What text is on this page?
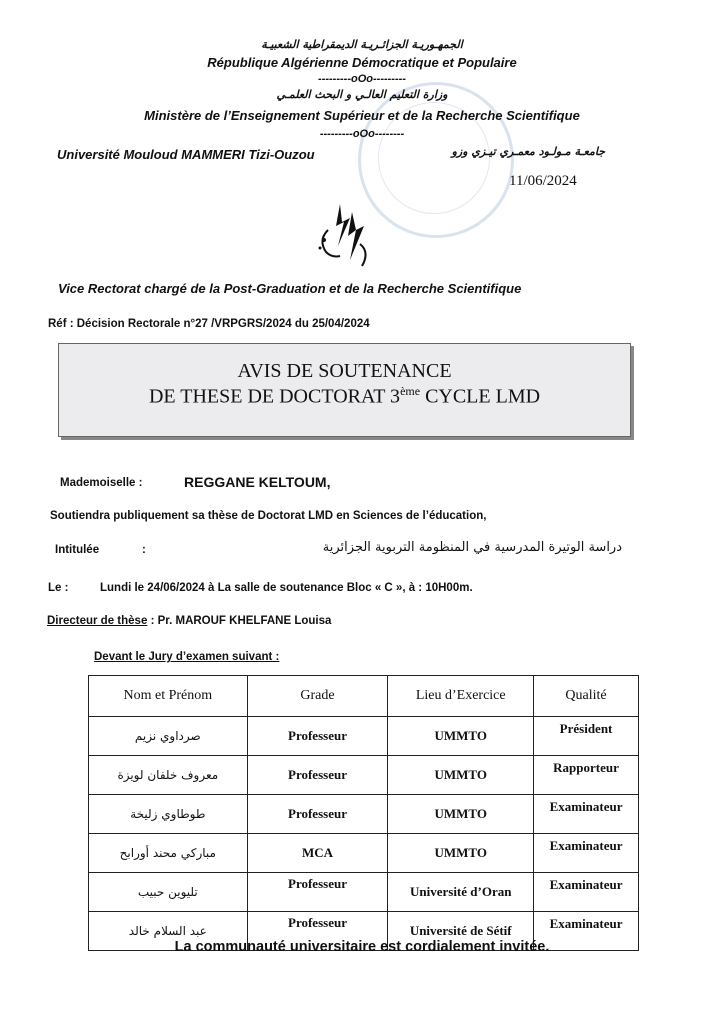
الجمهـوريـة الجزائـريـة الديمقراطية الشعبيـة
République Algérienne Démocratique et Populaire
---------oOo---------
وزارة التعليم العالـي و البحث العلمـي
Ministère de l’Enseignement Supérieur et de la Recherche Scientifique
---------oOo--------
Université Mouloud MAMMERI Tizi-Ouzou	جامعـة مـولـود معمـري تيـزي وزو
11/06/2024
Vice Rectorat chargé de la Post-Graduation et de la Recherche Scientifique
Réf : Décision Rectorale n°27 /VRPGRS/2024 du 25/04/2024
AVIS DE SOUTENANCE
DE THESE DE DOCTORAT 3ème CYCLE LMD
Mademoiselle :	REGGANE KELTOUM,
Soutiendra publiquement sa thèse de Doctorat LMD en Sciences de l’éducation,
Intitulée	:	دراسة الوتيرة المدرسية في المنظومة التربوية الجزائرية
Le :	Lundi le 24/06/2024 à La salle de soutenance Bloc « C », à : 10H00m.
Directeur de thèse : Pr. MAROUF KHELFANE Louisa
Devant le Jury d’examen suivant :
Nom et Prénom	Grade	Lieu d’Exercice	Qualité
صرداوي نزيم	Professeur	UMMTO	Président
معروف خلفان لويزة	Professeur	UMMTO	Rapporteur
طوطاوي زليخة	Professeur	UMMTO	Examinateur
مباركي محند أورابح	MCA	UMMTO	Examinateur
تليوين حبيب	Professeur	Université d’Oran	Examinateur
عبد السلام خالد	Professeur	Université de Sétif	Examinateur
La communauté universitaire est cordialement invitée.
